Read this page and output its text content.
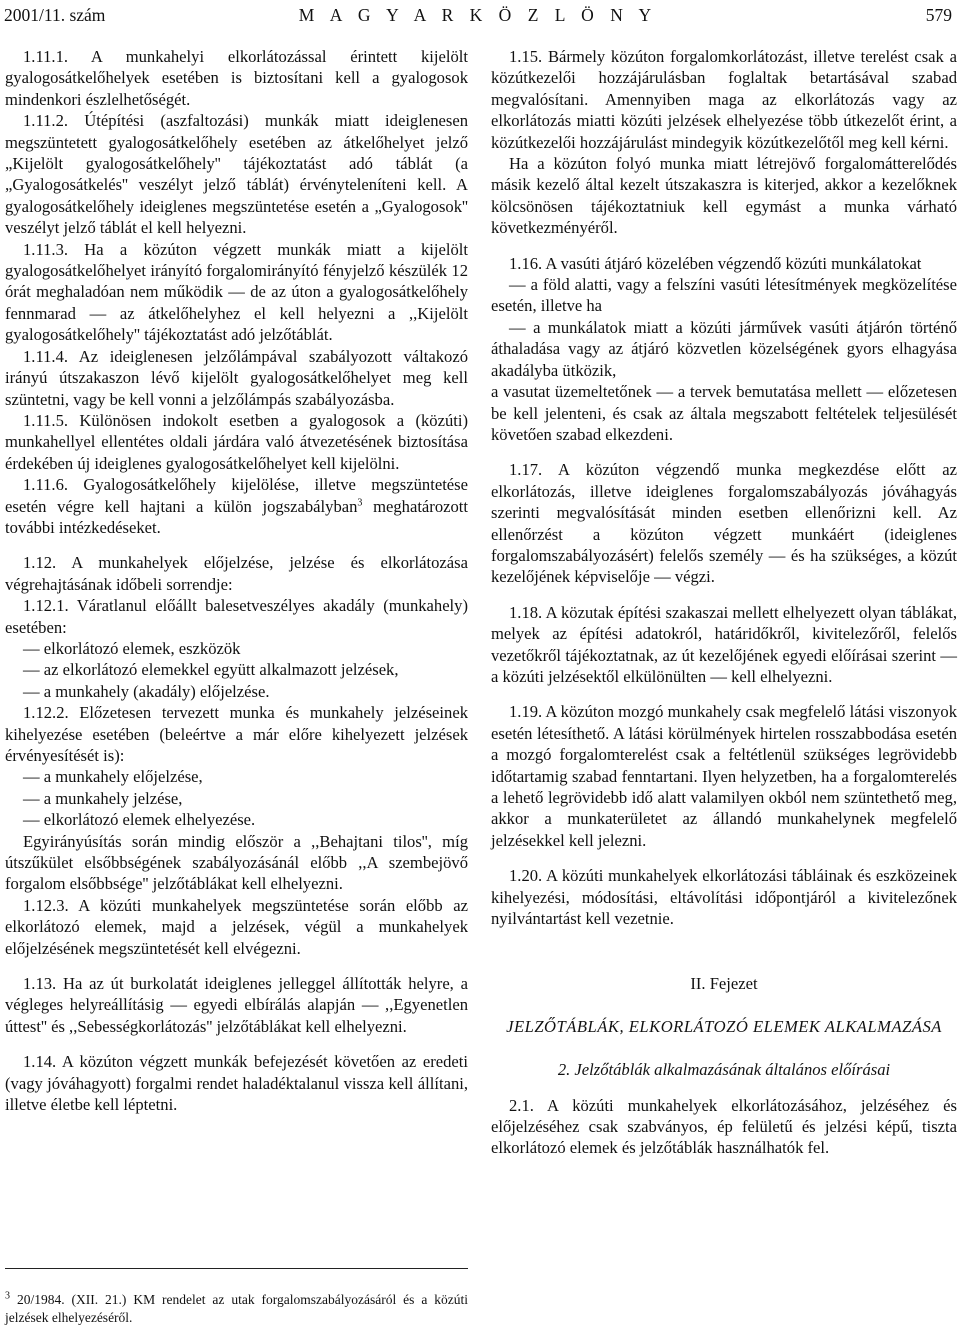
2001/11. szám	M A G Y A R K Ö Z L Ö N Y	579

1.11.1. A munkahelyi elkorlátozással érintett kijelölt gyalogosátkelőhelyek esetében is biztosítani kell a gyalogosok mindenkori észlelhetőségét.

1.11.2. Útépítési (aszfaltozási) munkák miatt ideiglenesen megszüntetett gyalogosátkelőhely esetében az átkelőhelyet jelző „Kijelölt gyalogosátkelőhely'' tájékoztatást adó táblát (a „Gyalogosátkelés'' veszélyt jelző táblát) érvényteleníteni kell. A gyalogosátkelőhely ideiglenes megszüntetése esetén a „Gyalogosok'' veszélyt jelző táblát el kell helyezni.

1.11.3. Ha a közúton végzett munkák miatt a kijelölt gyalogosátkelőhelyet irányító forgalomirányító fényjelző készülék 12 órát meghaladóan nem működik — de az úton a gyalogosátkelőhely fennmarad — az átkelőhelyhez el kell helyezni a ,,Kijelölt gyalogosátkelőhely'' tájékoztatást adó jelzőtáblát.

1.11.4. Az ideiglenesen jelzőlámpával szabályozott váltakozó irányú útszakaszon lévő kijelölt gyalogosátkelőhelyet meg kell szüntetni, vagy be kell vonni a jelzőlámpás szabályozásba.

1.11.5. Különösen indokolt esetben a gyalogosok a (közúti) munkahellyel ellentétes oldali járdára való átvezetésének biztosítása érdekében új ideiglenes gyalogosátkelőhelyet kell kijelölni.

1.11.6. Gyalogosátkelőhely kijelölése, illetve megszüntetése esetén végre kell hajtani a külön jogszabályban$^3$ meghatározott további intézkedéseket.

1.12. A munkahelyek előjelzése, jelzése és elkorlátozása végrehajtásának időbeli sorrendje:

1.12.1. Váratlanul előállt balesetveszélyes akadály (munkahely) esetében:

— elkorlátozó elemek, eszközök

— az elkorlátozó elemekkel együtt alkalmazott jelzések,

— a munkahely (akadály) előjelzése.

1.12.2. Előzetesen tervezett munka és munkahely jelzéseinek kihelyezése esetében (beleértve a már előre kihelyezett jelzések érvényesítését is):

— a munkahely előjelzése,

— a munkahely jelzése,

— elkorlátozó elemek elhelyezése.

Egyirányúsítás során mindig először a ,,Behajtani tilos'', míg útszűkület elsőbbségének szabályozásánál előbb ,,A szembejövő forgalom elsőbbsége'' jelzőtáblákat kell elhelyezni.

1.12.3. A közúti munkahelyek megszüntetése során előbb az elkorlátozó elemek, majd a jelzések, végül a munkahelyek előjelzésének megszüntetését kell elvégezni.

1.13. Ha az út burkolatát ideiglenes jelleggel állították helyre, a végleges helyreállításig — egyedi elbírálás alapján — ,,Egyenetlen úttest'' és ,,Sebességkorlátozás'' jelzőtáblákat kell elhelyezni.

1.14. A közúton végzett munkák befejezését követően az eredeti (vagy jóváhagyott) forgalmi rendet haladéktalanul vissza kell állítani, illetve életbe kell léptetni.

1.15. Bármely közúton forgalomkorlátozást, illetve terelést csak a közútkezelői hozzájárulásban foglaltak betartásával szabad megvalósítani. Amennyiben maga az elkorlátozás vagy az elkorlátozás miatti közúti jelzések elhelyezése több útkezelőt érint, a közútkezelői hozzájárulást mindegyik közútkezelőtől meg kell kérni.

Ha a közúton folyó munka miatt létrejövő forgalomátterelődés másik kezelő által kezelt útszakaszra is kiterjed, akkor a kezelőknek kölcsönösen tájékoztatniuk kell egymást a munka várható következményéről.

1.16. A vasúti átjáró közelében végzendő közúti munkálatokat

— a föld alatti, vagy a felszíni vasúti létesítmények megközelítése esetén, illetve ha

— a munkálatok miatt a közúti járművek vasúti átjárón történő áthaladása vagy az átjáró közvetlen közelségének gyors elhagyása akadályba ütközik,

a vasutat üzemeltetőnek — a tervek bemutatása mellett — előzetesen be kell jelenteni, és csak az általa megszabott feltételek teljesülését követően szabad elkezdeni.

1.17. A közúton végzendő munka megkezdése előtt az elkorlátozás, illetve ideiglenes forgalomszabályozás jóváhagyás szerinti megvalósítását minden esetben ellenőrizni kell. Az ellenőrzést a közúton végzett munkáért (ideiglenes forgalomszabályozásért) felelős személy — és ha szükséges, a közút kezelőjének képviselője — végzi.

1.18. A közutak építési szakaszai mellett elhelyezett olyan táblákat, melyek az építési adatokról, határidőkről, kivitelezőről, felelős vezetőkről tájékoztatnak, az út kezelőjének egyedi előírásai szerint — a közúti jelzésektől elkülönülten — kell elhelyezni.

1.19. A közúton mozgó munkahely csak megfelelő látási viszonyok esetén létesíthető. A látási körülmények hirtelen rosszabbodása esetén a mozgó forgalomterelést csak a feltétlenül szükséges legrövidebb időtartamig szabad fenntartani. Ilyen helyzetben, ha a forgalomterelés a lehető legrövidebb idő alatt valamilyen okból nem szüntethető meg, akkor a munkaterületet az állandó munkahelynek megfelelő jelzésekkel kell jelezni.

1.20. A közúti munkahelyek elkorlátozási tábláinak és eszközeinek kihelyezési, módosítási, eltávolítási időpontjáról a kivitelezőnek nyilvántartást kell vezetnie.

II. Fejezet

JELZŐTÁBLÁK, ELKORLÁTOZÓ ELEMEK ALKALMAZÁSA

2. Jelzőtáblák alkalmazásának általános előírásai

2.1. A közúti munkahelyek elkorlátozásához, jelzéséhez és előjelzéséhez csak szabványos, ép felületű és jelzési képű, tiszta elkorlátozó elemek és jelzőtáblák használhatók fel.

$^3$ 20/1984. (XII. 21.) KM rendelet az utak forgalomszabályozásáról és a közúti jelzések elhelyezéséről.
